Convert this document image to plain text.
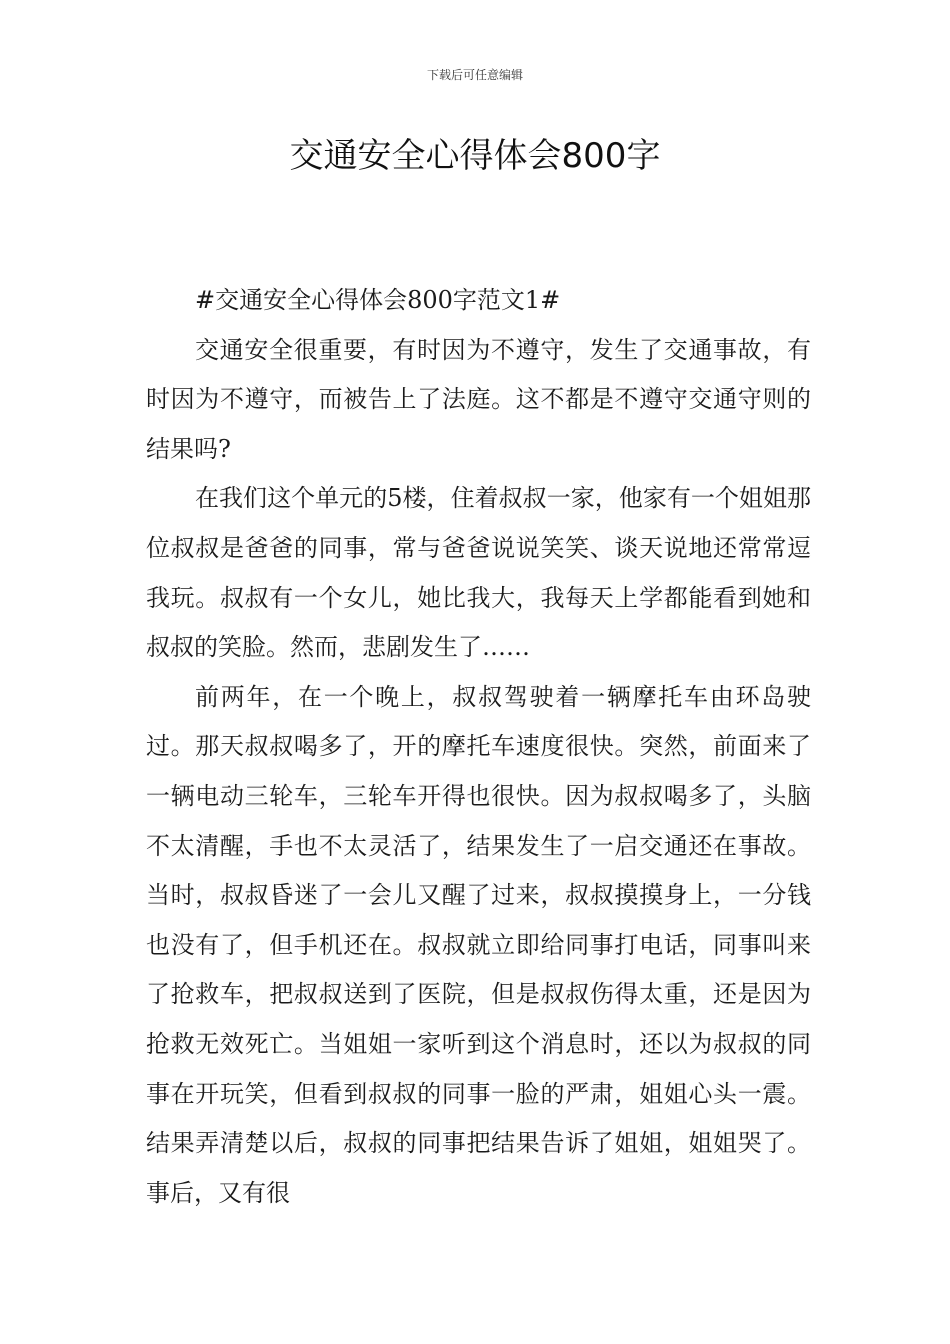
下载后可任意编辑
交通安全心得体会800字

#交通安全心得体会800字范文1#

交通安全很重要，有时因为不遵守，发生了交通事故，有时因为不遵守，而被告上了法庭。这不都是不遵守交通守则的结果吗?

在我们这个单元的5楼，住着叔叔一家，他家有一个姐姐那位叔叔是爸爸的同事，常与爸爸说说笑笑、谈天说地还常常逗我玩。叔叔有一个女儿，她比我大，我每天上学都能看到她和叔叔的笑脸。然而，悲剧发生了……

前两年，在一个晚上，叔叔驾驶着一辆摩托车由环岛驶过。那天叔叔喝多了，开的摩托车速度很快。突然，前面来了一辆电动三轮车，三轮车开得也很快。因为叔叔喝多了，头脑不太清醒，手也不太灵活了，结果发生了一启交通还在事故。当时，叔叔昏迷了一会儿又醒了过来，叔叔摸摸身上，一分钱也没有了，但手机还在。叔叔就立即给同事打电话，同事叫来了抢救车，把叔叔送到了医院，但是叔叔伤得太重，还是因为抢救无效死亡。当姐姐一家听到这个消息时，还以为叔叔的同事在开玩笑，但看到叔叔的同事一脸的严肃，姐姐心头一震。结果弄清楚以后，叔叔的同事把结果告诉了姐姐，姐姐哭了。事后，又有很
